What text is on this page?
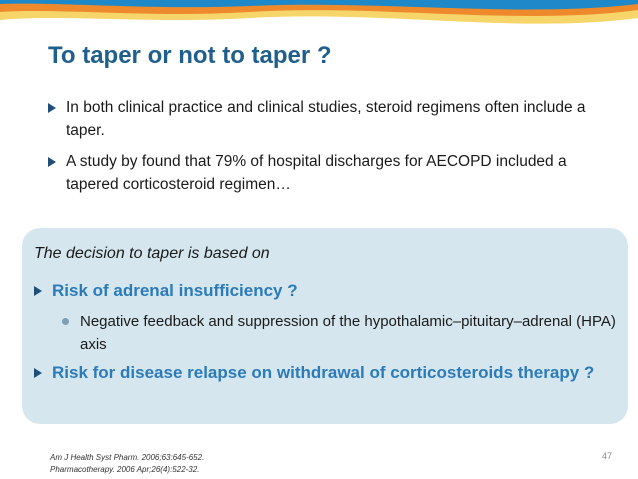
To taper or not to taper ?
In both clinical practice and clinical studies, steroid regimens often include a taper.
A study by found that 79% of hospital discharges for AECOPD included a tapered corticosteroid regimen…
The decision to taper is based on
Risk of adrenal insufficiency ?
Negative feedback and suppression of the hypothalamic–pituitary–adrenal (HPA) axis
Risk for disease relapse on withdrawal of corticosteroids therapy ?
Am J Health Syst Pharm. 2006;63:645-652.
Pharmacotherapy. 2006 Apr;26(4):522-32.
47
